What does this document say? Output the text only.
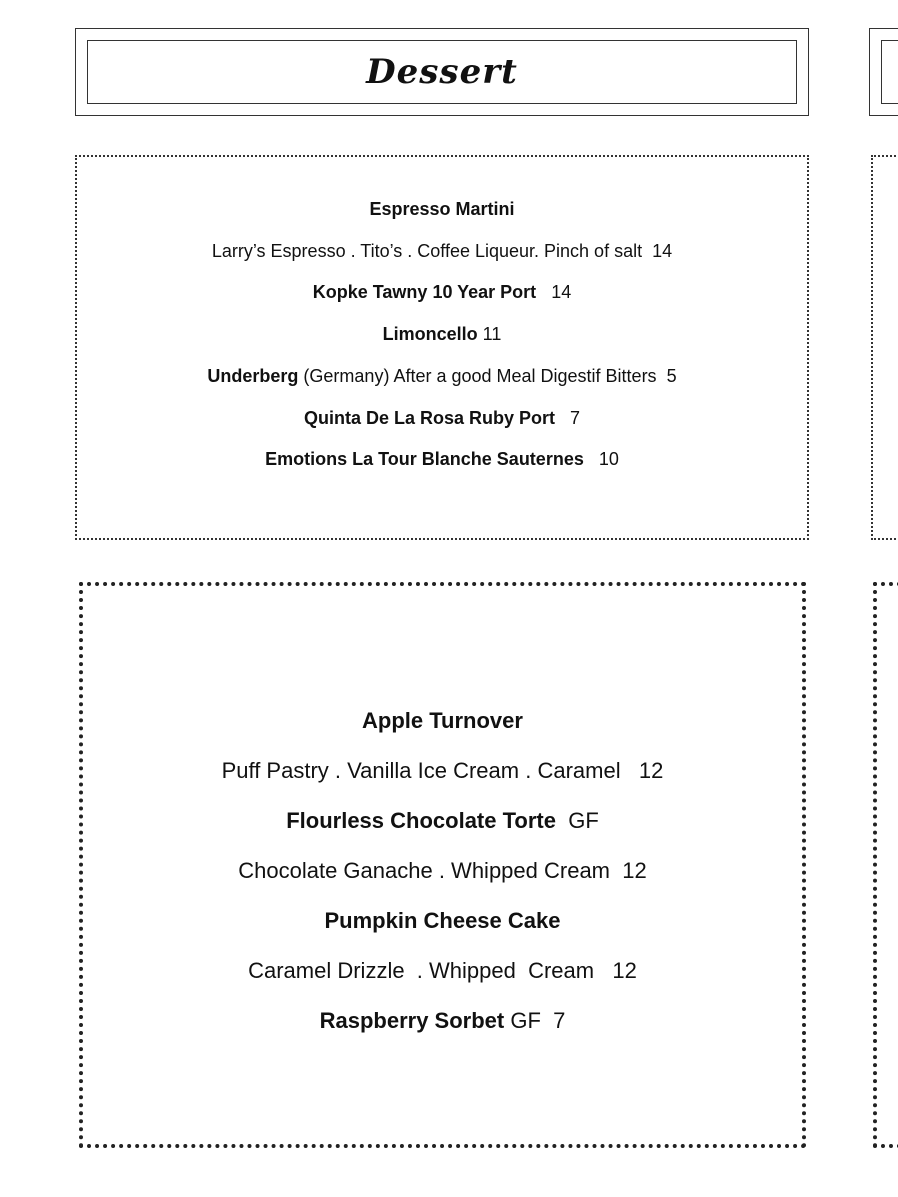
Dessert
Espresso Martini
Larry’s Espresso . Tito’s . Coffee Liqueur. Pinch of salt 14
Kopke Tawny 10 Year Port 14
Limoncello 11
Underberg (Germany) After a good Meal Digestif Bitters 5
Quinta De La Rosa Ruby Port 7
Emotions La Tour Blanche Sauternes 10
Apple Turnover
Puff Pastry . Vanilla Ice Cream . Caramel 12
Flourless Chocolate Torte GF
Chocolate Ganache . Whipped Cream 12
Pumpkin Cheese Cake
Caramel Drizzle  . Whipped  Cream 12
Raspberry Sorbet GF 7
